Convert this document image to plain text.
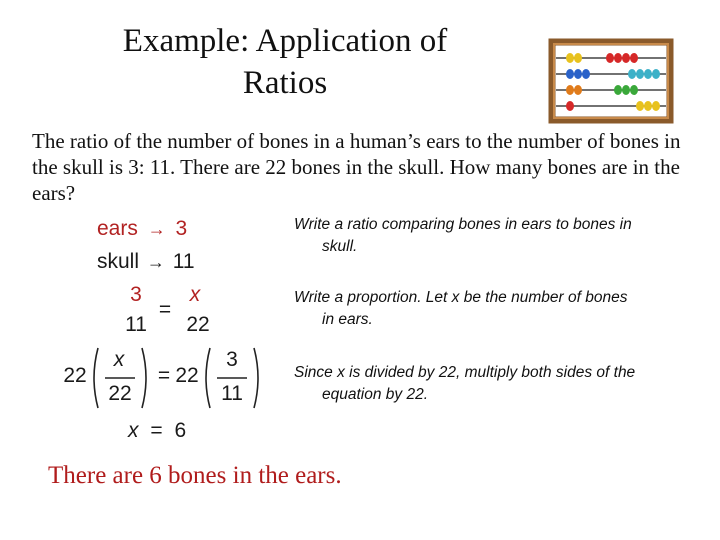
Example: Application of
Ratios
The ratio of the number of bones in a human’s ears to the number of bones in the skull is 3: 11. There are 22 bones in the skull. How many bones are in the ears?
Write a ratio comparing bones in ears to bones in
skull.
Write a proportion. Let x be the number of bones
in ears.
Since x is divided by 22, multiply both sides of the
equation by 22.
ears → 3
skull → 11
3
11
=
x
22
22
x
22
= 22
3
11
x = 6
There are 6 bones in the ears.
